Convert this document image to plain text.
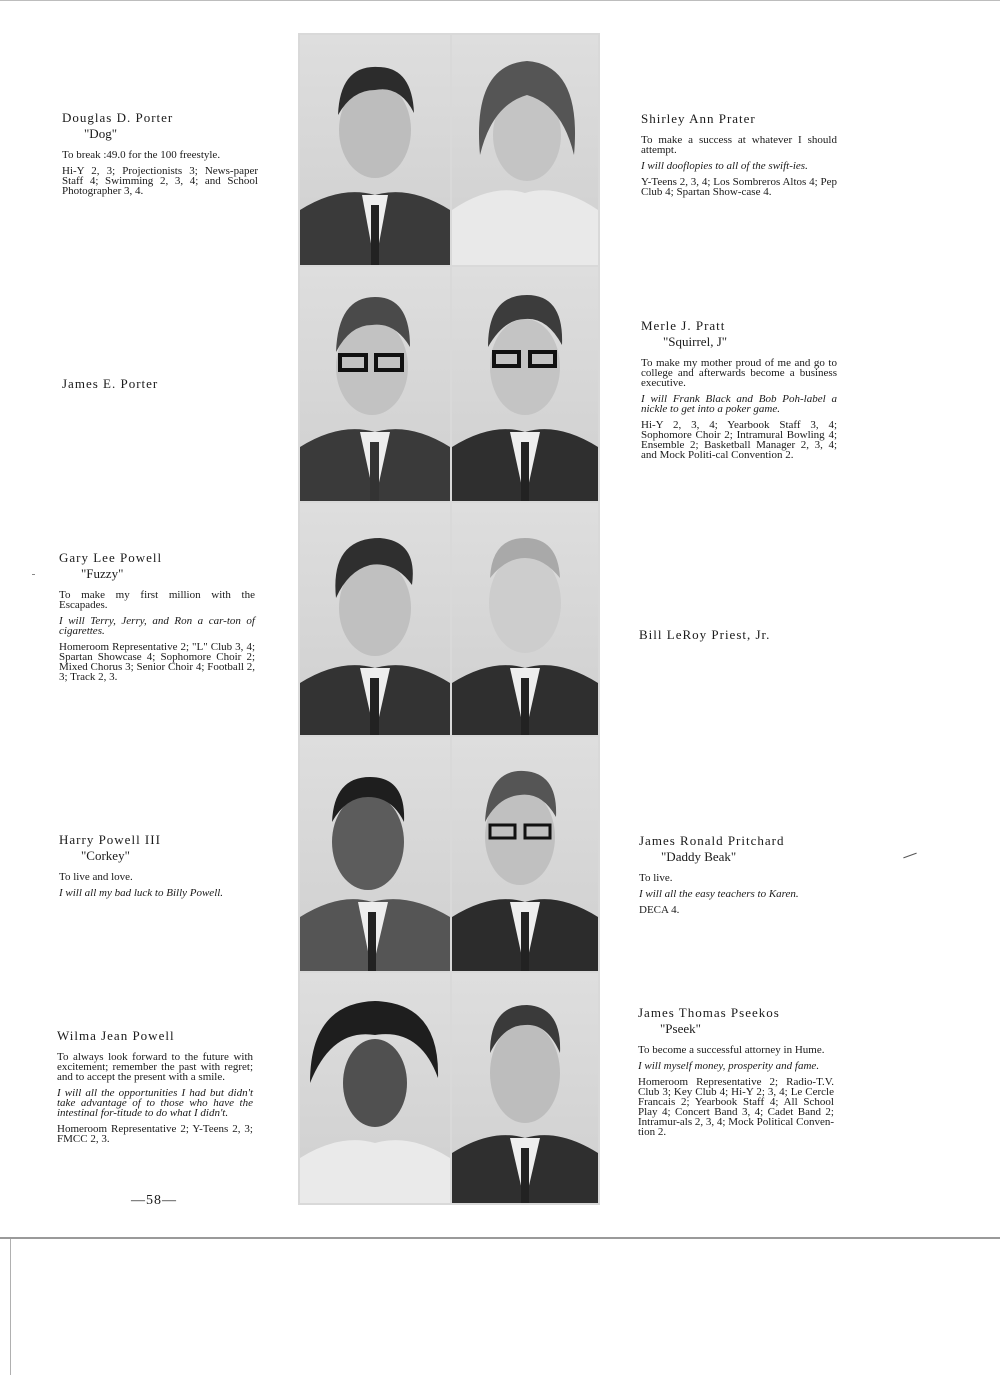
Douglas D. Porter
"Dog"
To break :49.0 for the 100 freestyle.
Hi-Y 2, 3; Projectionists 3; News-paper Staff 4; Swimming 2, 3, 4; and School Photographer 3, 4.
James E. Porter
Gary Lee Powell
"Fuzzy"
To make my first million with the Escapades.
I will Terry, Jerry, and Ron a car-ton of cigarettes.
Homeroom Representative 2; "L" Club 3, 4; Spartan Showcase 4; Sophomore Choir 2; Mixed Chorus 3; Senior Choir 4; Football 2, 3; Track 2, 3.
Harry Powell III
"Corkey"
To live and love.
I will all my bad luck to Billy Powell.
Wilma Jean Powell
To always look forward to the future with excitement; remember the past with regret; and to accept the present with a smile.
I will all the opportunities I had but didn't take advantage of to those who have the intestinal for-titude to do what I didn't.
Homeroom Representative 2; Y-Teens 2, 3; FMCC 2, 3.
—58—
Shirley Ann Prater
To make a success at whatever I should attempt.
I will dooflopies to all of the swift-ies.
Y-Teens 2, 3, 4; Los Sombreros Altos 4; Pep Club 4; Spartan Show-case 4.
Merle J. Pratt
"Squirrel, J"
To make my mother proud of me and go to college and afterwards become a business executive.
I will Frank Black and Bob Poh-label a nickle to get into a poker game.
Hi-Y 2, 3, 4; Yearbook Staff 3, 4; Sophomore Choir 2; Intramural Bowling 4; Ensemble 2; Basketball Manager 2, 3, 4; and Mock Politi-cal Convention 2.
Bill LeRoy Priest, Jr.
James Ronald Pritchard
"Daddy Beak"
To live.
I will all the easy teachers to Karen.
DECA 4.
James Thomas Pseekos
"Pseek"
To become a successful attorney in Hume.
I will myself money, prosperity and fame.
Homeroom Representative 2; Radio-T.V. Club 3; Key Club 4; Hi-Y 2; 3, 4; Le Cercle Francais 2; Yearbook Staff 4; All School Play 4; Concert Band 3, 4; Cadet Band 2; Intramur-als 2, 3, 4; Mock Political Conven-tion 2.
